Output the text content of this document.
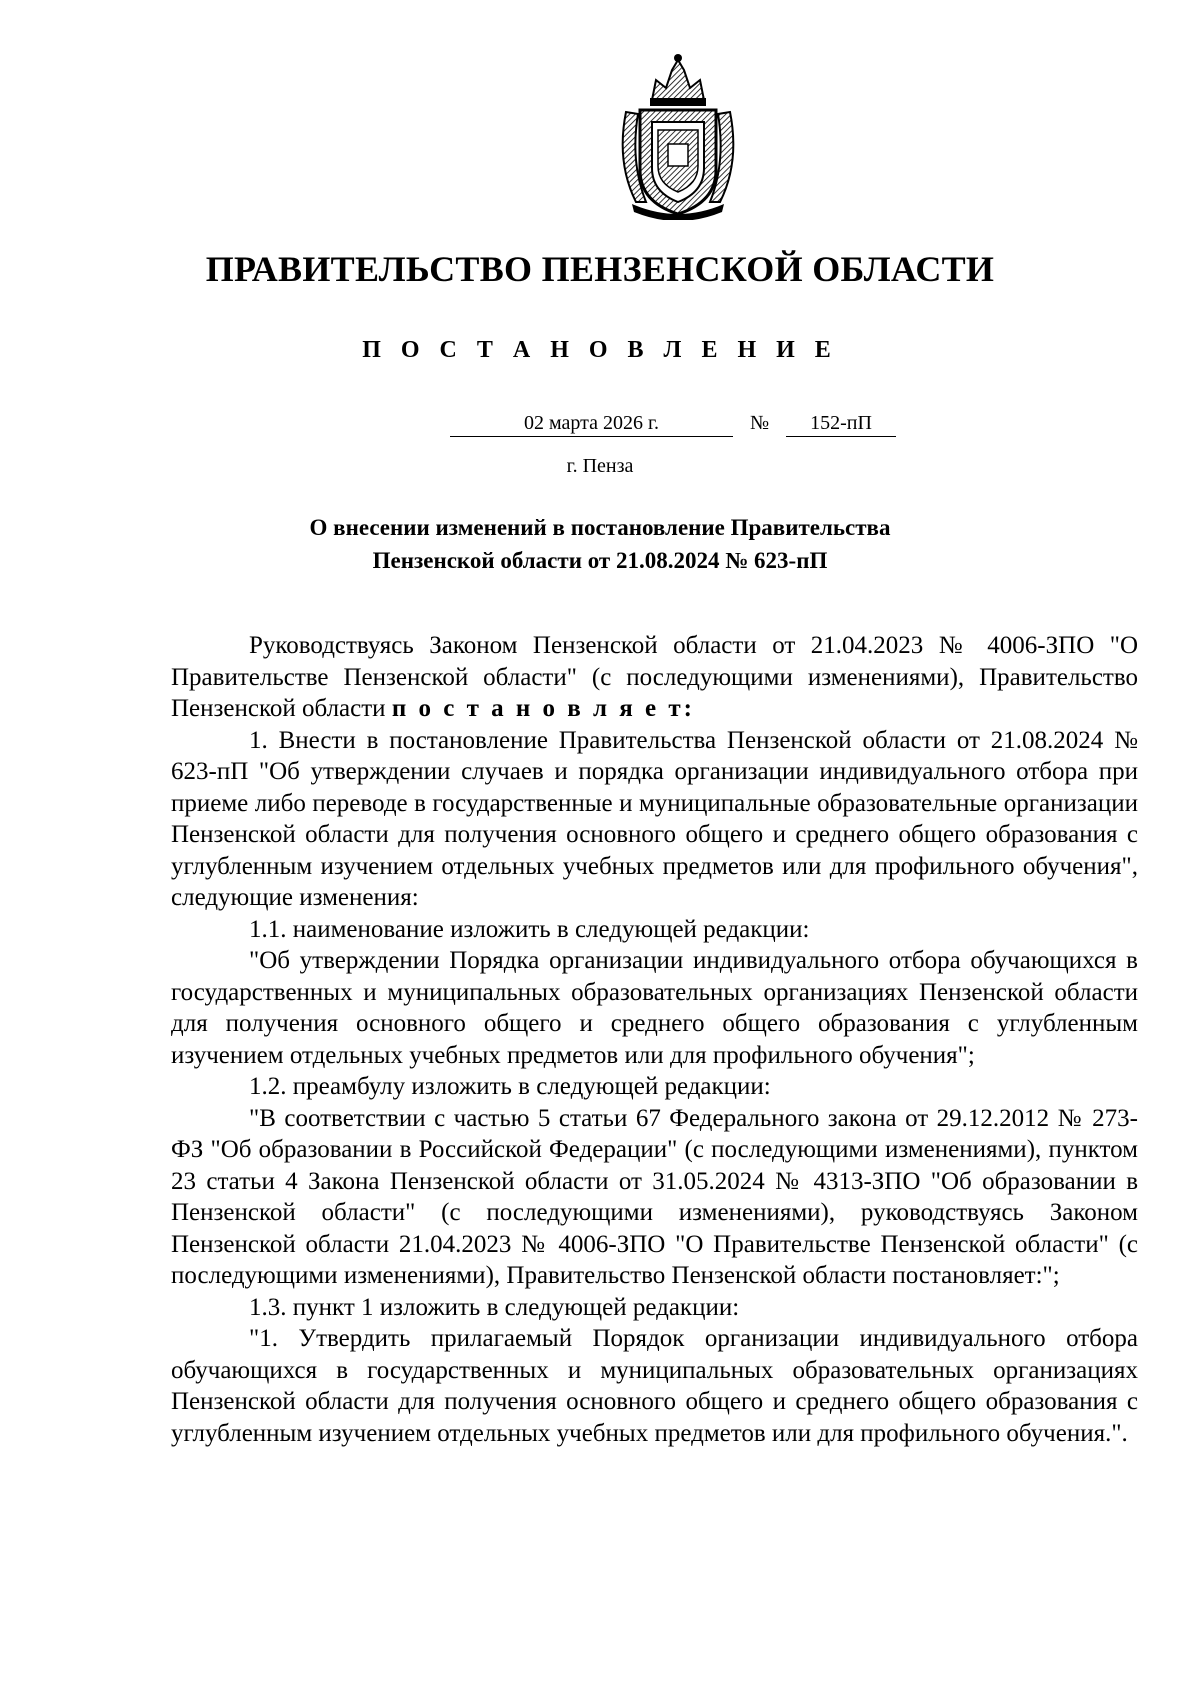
ПРАВИТЕЛЬСТВО ПЕНЗЕНСКОЙ ОБЛАСТИ
П О С Т А Н О В Л Е Н И Е
02 марта 2026 г.	№	152-пП
г. Пенза
О внесении изменений в постановление Правительства
Пензенской области от 21.08.2024 № 623-пП

Руководствуясь Законом Пензенской области от 21.04.2023 № 4006-ЗПО "О Правительстве Пензенской области" (с последующими изменениями), Правительство Пензенской области п о с т а н о в л я е т:

1. Внести в постановление Правительства Пензенской области от 21.08.2024 № 623-пП "Об утверждении случаев и порядка организации индивидуального отбора при приеме либо переводе в государственные и муниципальные образовательные организации Пензенской области для получения основного общего и среднего общего образования с углубленным изучением отдельных учебных предметов или для профильного обучения", следующие изменения:

1.1. наименование изложить в следующей редакции:

"Об утверждении Порядка организации индивидуального отбора обучающихся в государственных и муниципальных образовательных организациях Пензенской области для получения основного общего и среднего общего образования с углубленным изучением отдельных учебных предметов или для профильного обучения";

1.2. преамбулу изложить в следующей редакции:

"В соответствии с частью 5 статьи 67 Федерального закона от 29.12.2012 № 273-ФЗ "Об образовании в Российской Федерации" (с последующими изменениями), пунктом 23 статьи 4 Закона Пензенской области от 31.05.2024 № 4313-ЗПО "Об образовании в Пензенской области" (с последующими изменениями), руководствуясь Законом Пензенской области 21.04.2023 № 4006-ЗПО "О Правительстве Пензенской области" (с последующими изменениями), Правительство Пензенской области постановляет:";

1.3. пункт 1 изложить в следующей редакции:

"1. Утвердить прилагаемый Порядок организации индивидуального отбора обучающихся в государственных и муниципальных образовательных организациях Пензенской области для получения основного общего и среднего общего образования с углубленным изучением отдельных учебных предметов или для профильного обучения.".
